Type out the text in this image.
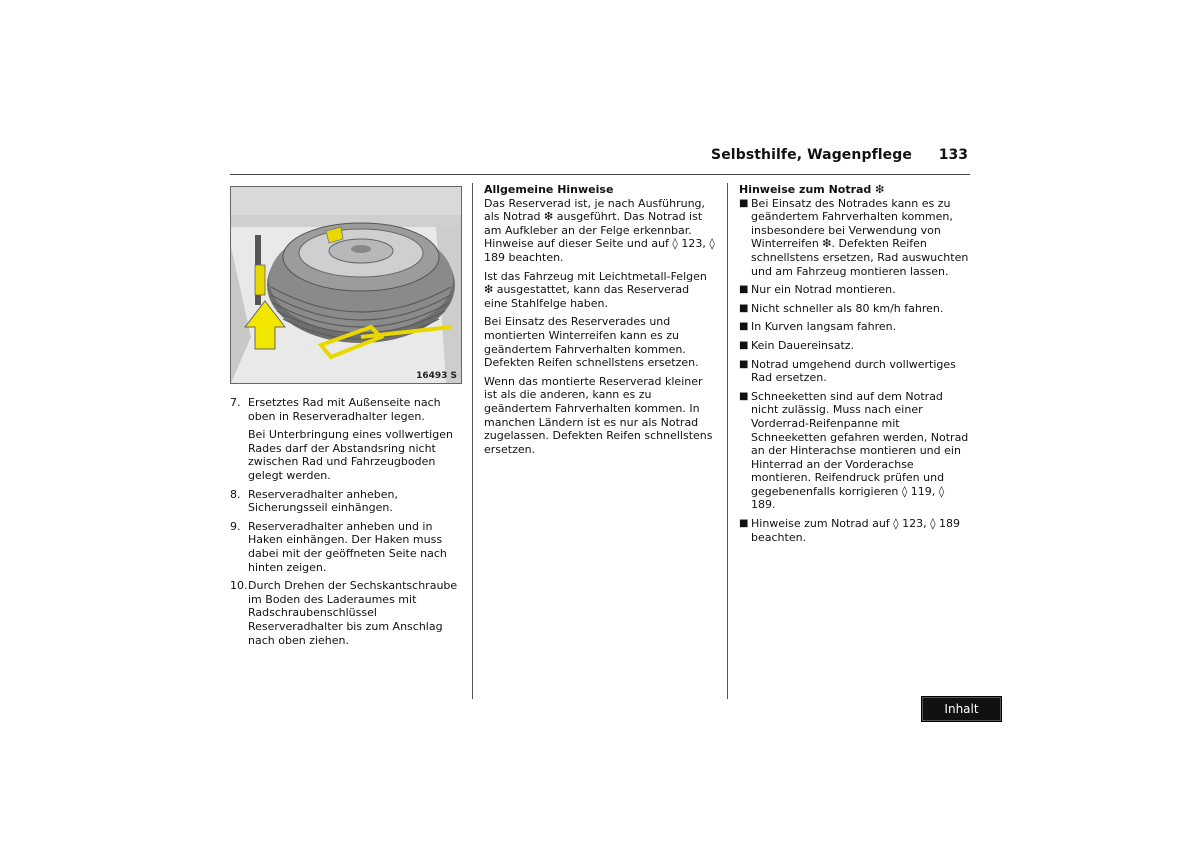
Selbsthilfe, Wagenpflege 133
16493 S
7. Ersetztes Rad mit Außenseite nach oben in Reserveradhalter legen.
Bei Unterbringung eines vollwertigen Rades darf der Abstandsring nicht zwischen Rad und Fahrzeugboden gelegt werden.
8. Reserveradhalter anheben, Sicherungsseil einhängen.
9. Reserveradhalter anheben und in Haken einhängen. Der Haken muss dabei mit der geöffneten Seite nach hinten zeigen.
10. Durch Drehen der Sechskantschraube im Boden des Laderaumes mit Radschraubenschlüssel Reserveradhalter bis zum Anschlag nach oben ziehen.
Allgemeine Hinweise

Das Reserverad ist, je nach Ausführung, als Notrad ❇ ausgeführt. Das Notrad ist am Aufkleber an der Felge erkennbar. Hinweise auf dieser Seite und auf ◊ 123, ◊ 189 beachten.

Ist das Fahrzeug mit Leichtmetall-Felgen ❇ ausgestattet, kann das Reserverad eine Stahlfelge haben.

Bei Einsatz des Reserverades und montierten Winterreifen kann es zu geändertem Fahrverhalten kommen. Defekten Reifen schnellstens ersetzen.

Wenn das montierte Reserverad kleiner ist als die anderen, kann es zu geändertem Fahrverhalten kommen. In manchen Ländern ist es nur als Notrad zugelassen. Defekten Reifen schnellstens ersetzen.

Hinweise zum Notrad ❇
■ Bei Einsatz des Notrades kann es zu geändertem Fahrverhalten kommen, insbesondere bei Verwendung von Winterreifen ❇. Defekten Reifen schnellstens ersetzen, Rad auswuchten und am Fahrzeug montieren lassen.
■ Nur ein Notrad montieren.
■ Nicht schneller als 80 km/h fahren.
■ In Kurven langsam fahren.
■ Kein Dauereinsatz.
■ Notrad umgehend durch vollwertiges Rad ersetzen.
■ Schneeketten sind auf dem Notrad nicht zulässig. Muss nach einer Vorderrad-Reifenpanne mit Schneeketten gefahren werden, Notrad an der Hinterachse montieren und ein Hinterrad an der Vorderachse montieren. Reifendruck prüfen und gegebenenfalls korrigieren ◊ 119, ◊ 189.
■ Hinweise zum Notrad auf ◊ 123, ◊ 189 beachten.
Inhalt
